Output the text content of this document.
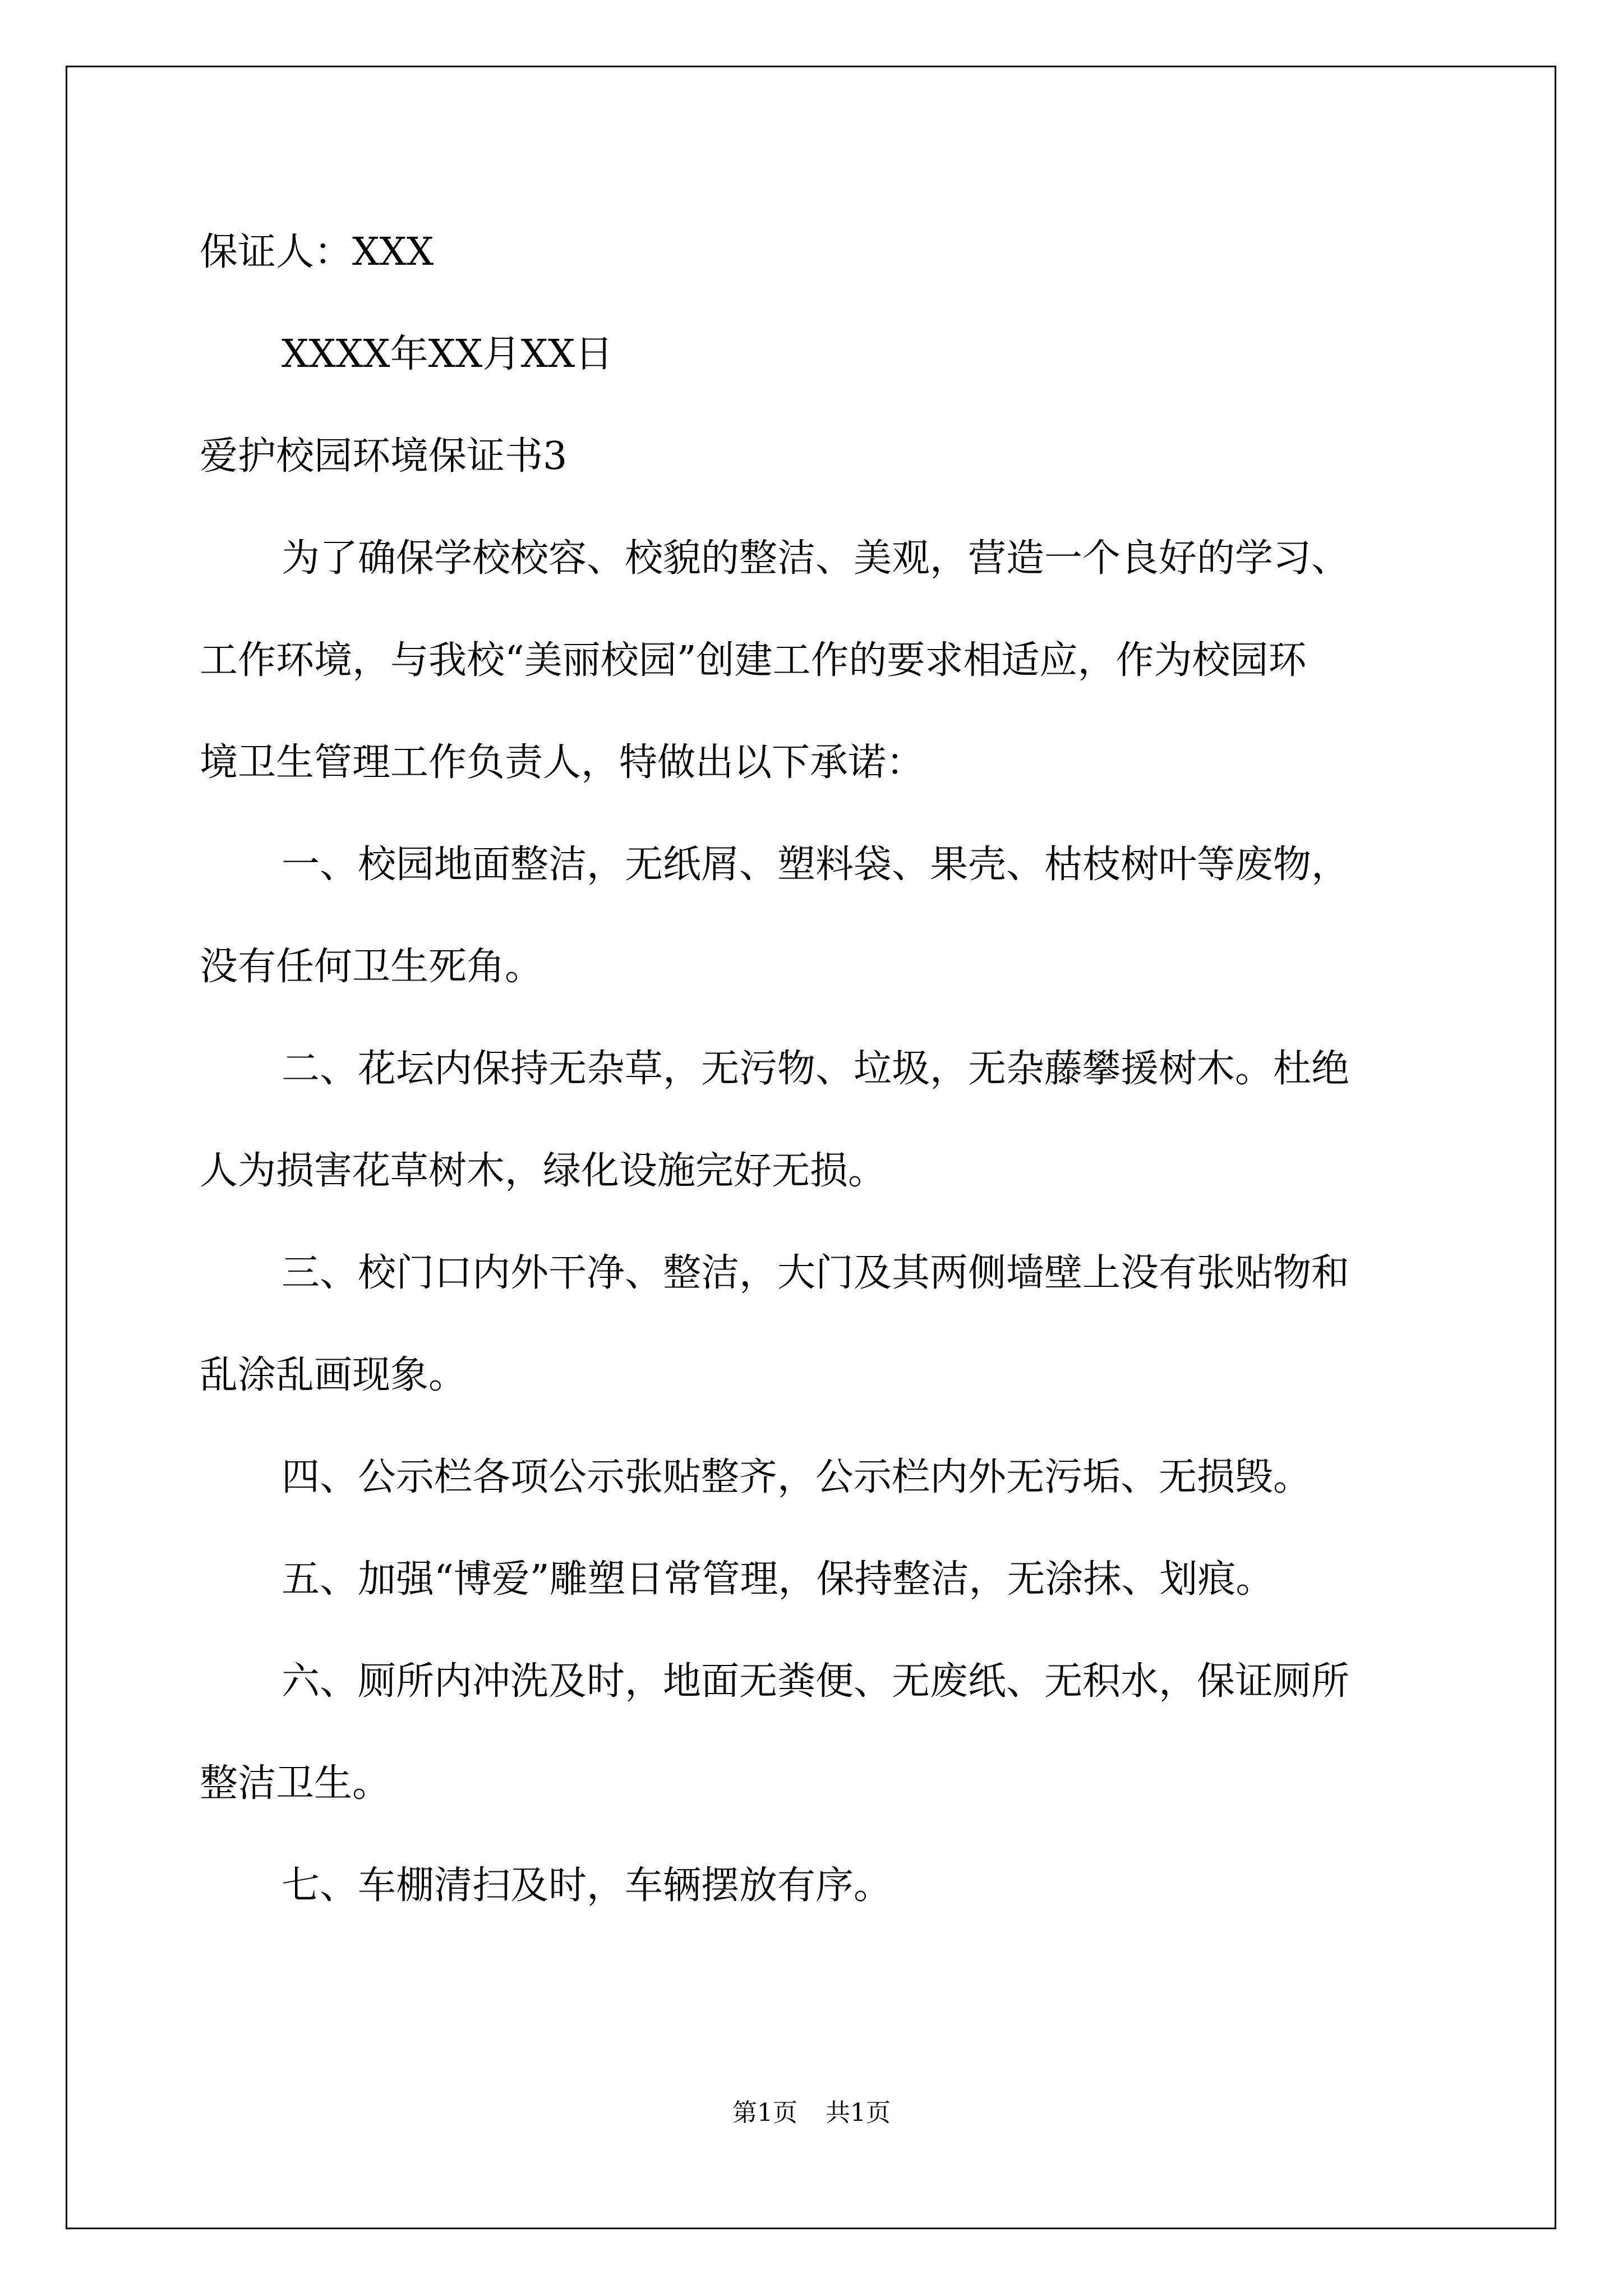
保证人：XXX
XXXX年XX月XX日
爱护校园环境保证书3
为了确保学校校容、校貌的整洁、美观，营造一个良好的学习、
工作环境，与我校“美丽校园”创建工作的要求相适应，作为校园环
境卫生管理工作负责人，特做出以下承诺：
一、校园地面整洁，无纸屑、塑料袋、果壳、枯枝树叶等废物，
没有任何卫生死角。
二、花坛内保持无杂草，无污物、垃圾，无杂藤攀援树木。杜绝
人为损害花草树木，绿化设施完好无损。
三、校门口内外干净、整洁，大门及其两侧墙壁上没有张贴物和
乱涂乱画现象。
四、公示栏各项公示张贴整齐，公示栏内外无污垢、无损毁。
五、加强“博爱”雕塑日常管理，保持整洁，无涂抹、划痕。
六、厕所内冲洗及时，地面无粪便、无废纸、无积水，保证厕所
整洁卫生。
七、车棚清扫及时，车辆摆放有序。
第1页 共1页
